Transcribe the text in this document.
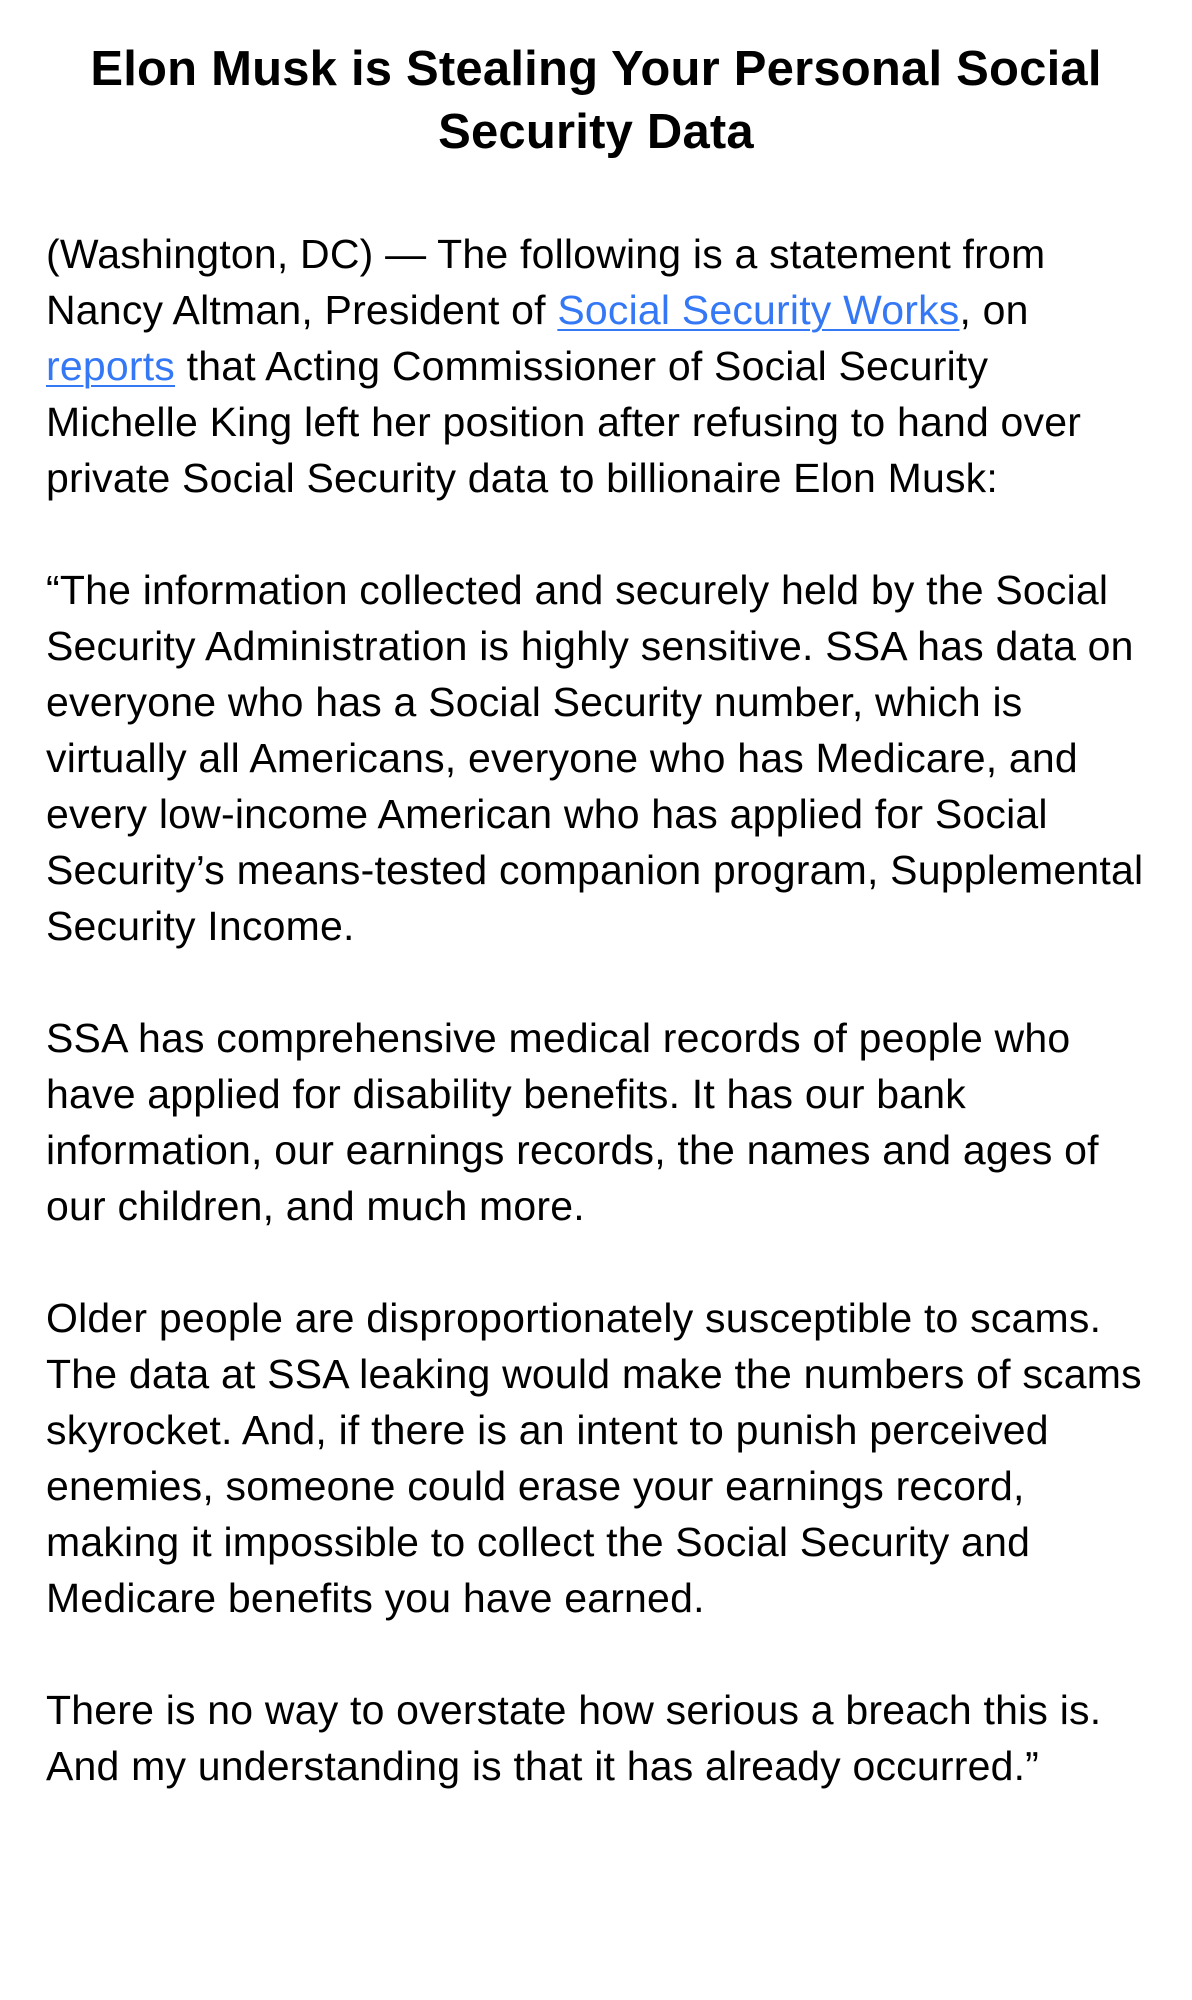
Elon Musk is Stealing Your Personal Social Security Data

(Washington, DC) — The following is a statement from Nancy Altman, President of Social Security Works, on reports that Acting Commissioner of Social Security Michelle King left her position after refusing to hand over private Social Security data to billionaire Elon Musk:

“The information collected and securely held by the Social Security Administration is highly sensitive. SSA has data on everyone who has a Social Security number, which is virtually all Americans, everyone who has Medicare, and every low-income American who has applied for Social Security’s means-tested companion program, Supplemental Security Income.

SSA has comprehensive medical records of people who have applied for disability benefits. It has our bank information, our earnings records, the names and ages of our children, and much more.

Older people are disproportionately susceptible to scams. The data at SSA leaking would make the numbers of scams skyrocket. And, if there is an intent to punish perceived enemies, someone could erase your earnings record, making it impossible to collect the Social Security and Medicare benefits you have earned.

There is no way to overstate how serious a breach this is. And my understanding is that it has already occurred.”
